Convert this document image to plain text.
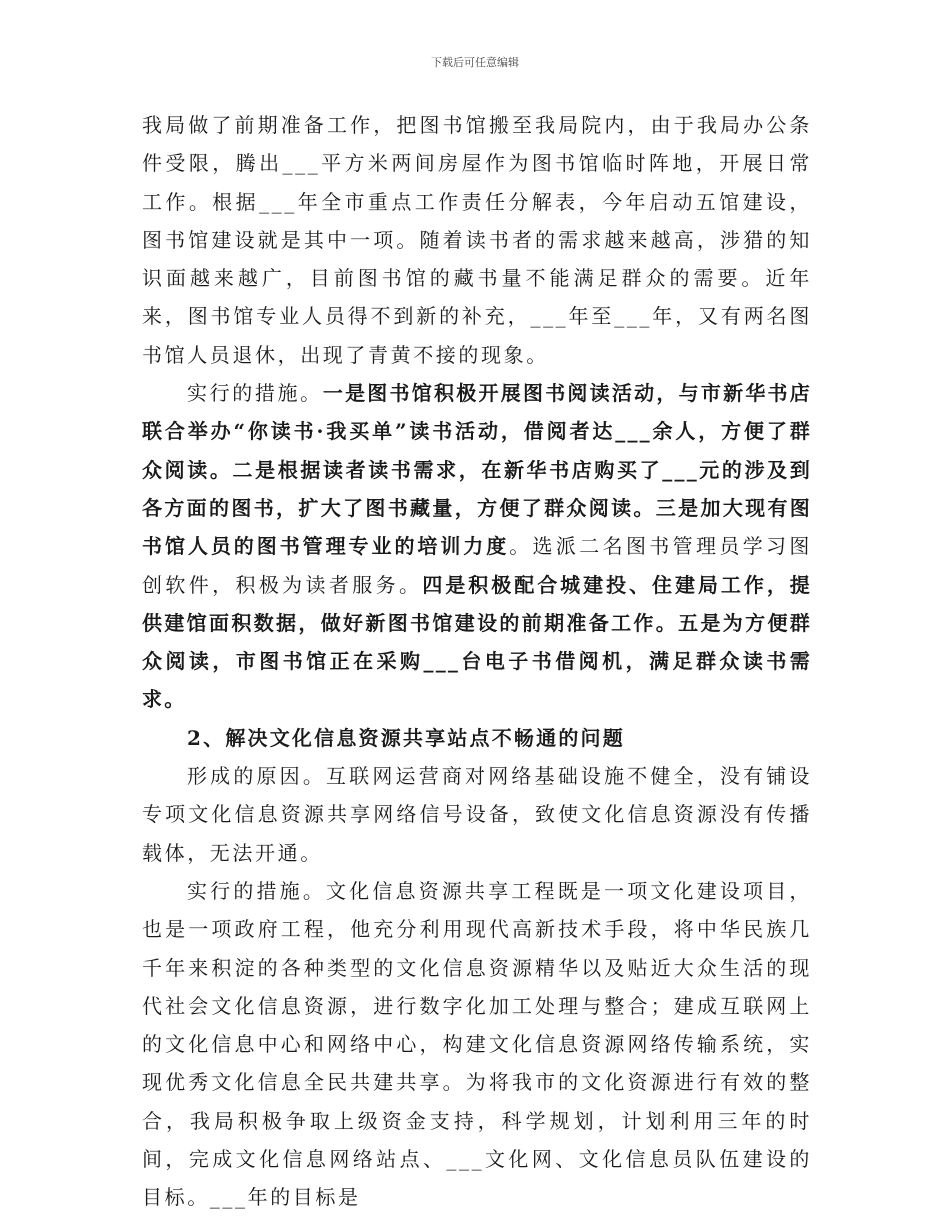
下载后可任意编辑

我局做了前期准备工作，把图书馆搬至我局院内，由于我局办公条件受限，腾出___平方米两间房屋作为图书馆临时阵地，开展日常工作。根据___年全市重点工作责任分解表，今年启动五馆建设，图书馆建设就是其中一项。随着读书者的需求越来越高，涉猎的知识面越来越广，目前图书馆的藏书量不能满足群众的需要。近年来，图书馆专业人员得不到新的补充，___年至___年，又有两名图书馆人员退休，出现了青黄不接的现象。

实行的措施。一是图书馆积极开展图书阅读活动，与市新华书店联合举办“你读书·我买单”读书活动，借阅者达___余人，方便了群众阅读。二是根据读者读书需求，在新华书店购买了___元的涉及到各方面的图书，扩大了图书藏量，方便了群众阅读。三是加大现有图书馆人员的图书管理专业的培训力度。选派二名图书管理员学习图创软件，积极为读者服务。四是积极配合城建投、住建局工作，提供建馆面积数据，做好新图书馆建设的前期准备工作。五是为方便群众阅读，市图书馆正在采购___台电子书借阅机，满足群众读书需求。

2、解决文化信息资源共享站点不畅通的问题

形成的原因。互联网运营商对网络基础设施不健全，没有铺设专项文化信息资源共享网络信号设备，致使文化信息资源没有传播载体，无法开通。

实行的措施。文化信息资源共享工程既是一项文化建设项目，也是一项政府工程，他充分利用现代高新技术手段，将中华民族几千年来积淀的各种类型的文化信息资源精华以及贴近大众生活的现代社会文化信息资源，进行数字化加工处理与整合；建成互联网上的文化信息中心和网络中心，构建文化信息资源网络传输系统，实现优秀文化信息全民共建共享。为将我市的文化资源进行有效的整合，我局积极争取上级资金支持，科学规划，计划利用三年的时间，完成文化信息网络站点、___文化网、文化信息员队伍建设的目标。___年的目标是
